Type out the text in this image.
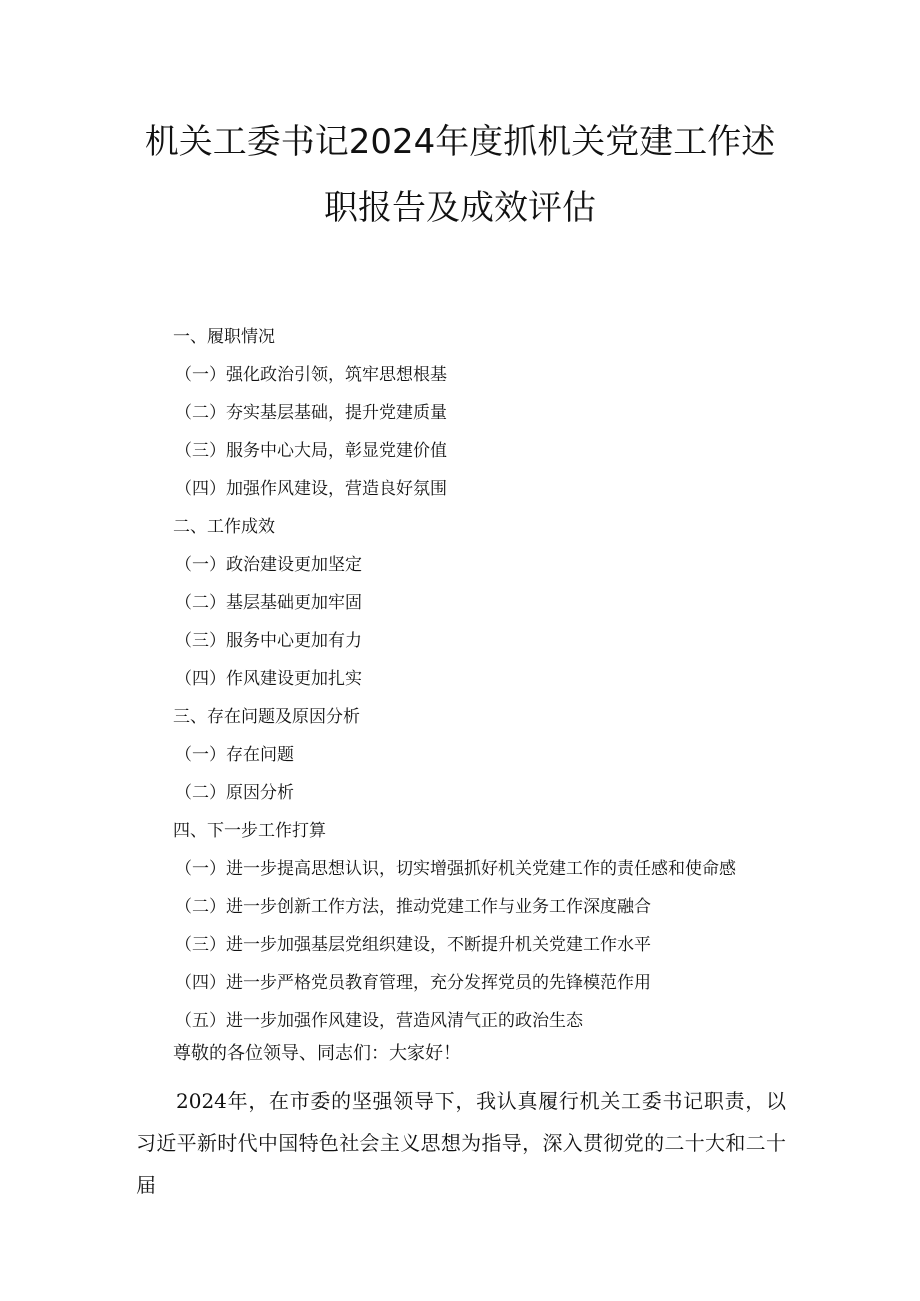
机关工委书记2024年度抓机关党建工作述
职报告及成效评估
一、履职情况
（一）强化政治引领，筑牢思想根基
（二）夯实基层基础，提升党建质量
（三）服务中心大局，彰显党建价值
（四）加强作风建设，营造良好氛围
二、工作成效
（一）政治建设更加坚定
（二）基层基础更加牢固
（三）服务中心更加有力
（四）作风建设更加扎实
三、存在问题及原因分析
（一）存在问题
（二）原因分析
四、下一步工作打算
（一）进一步提高思想认识，切实增强抓好机关党建工作的责任感和使命感
（二）进一步创新工作方法，推动党建工作与业务工作深度融合
（三）进一步加强基层党组织建设，不断提升机关党建工作水平
（四）进一步严格党员教育管理，充分发挥党员的先锋模范作用
（五）进一步加强作风建设，营造风清气正的政治生态
尊敬的各位领导、同志们：大家好！
2024年，在市委的坚强领导下，我认真履行机关工委书记职责，以习近平新时代中国特色社会主义思想为指导，深入贯彻党的二十大和二十届
